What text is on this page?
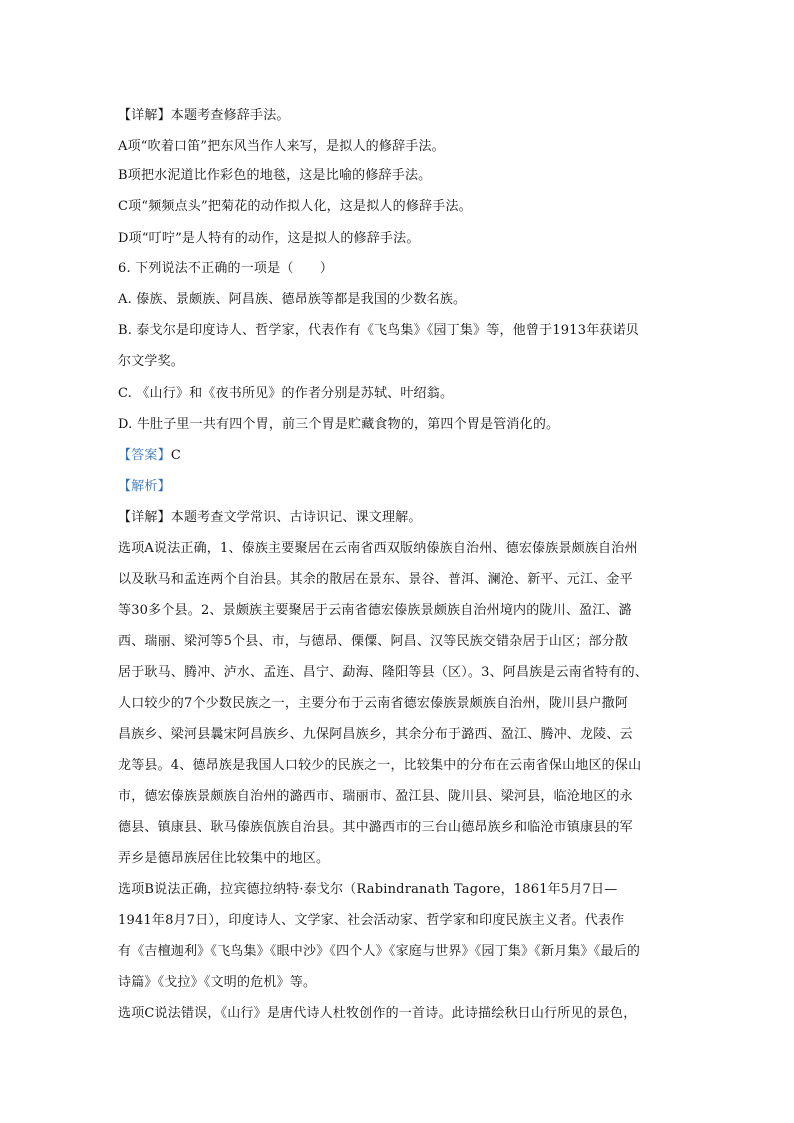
【详解】本题考查修辞手法。
A项“吹着口笛”把东风当作人来写，是拟人的修辞手法。
B项把水泥道比作彩色的地毯，这是比喻的修辞手法。
C项“频频点头”把菊花的动作拟人化，这是拟人的修辞手法。
D项“叮咛”是人特有的动作，这是拟人的修辞手法。
6. 下列说法不正确的一项是（　　）
A. 傣族、景颇族、阿昌族、德昂族等都是我国的少数名族。
B. 泰戈尔是印度诗人、哲学家，代表作有《飞鸟集》《园丁集》等，他曾于1913年获诺贝
尔文学奖。
C. 《山行》和《夜书所见》的作者分别是苏轼、叶绍翁。
D. 牛肚子里一共有四个胃，前三个胃是贮藏食物的，第四个胃是管消化的。
【答案】C
【解析】
【详解】本题考查文学常识、古诗识记、课文理解。
选项A说法正确，1、傣族主要聚居在云南省西双版纳傣族自治州、德宏傣族景颇族自治州
以及耿马和孟连两个自治县。其余的散居在景东、景谷、普洱、澜沧、新平、元江、金平
等30多个县。2、景颇族主要聚居于云南省德宏傣族景颇族自治州境内的陇川、盈江、潞
西、瑞丽、梁河等5个县、市，与德昂、傈僳、阿昌、汉等民族交错杂居于山区；部分散
居于耿马、腾冲、泸水、孟连、昌宁、勐海、隆阳等县（区）。3、阿昌族是云南省特有的、
人口较少的7个少数民族之一，主要分布于云南省德宏傣族景颇族自治州，陇川县户撒阿
昌族乡、梁河县曩宋阿昌族乡、九保阿昌族乡，其余分布于潞西、盈江、腾冲、龙陵、云
龙等县。4、德昂族是我国人口较少的民族之一，比较集中的分布在云南省保山地区的保山
市，德宏傣族景颇族自治州的潞西市、瑞丽市、盈江县、陇川县、梁河县，临沧地区的永
德县、镇康县、耿马傣族佤族自治县。其中潞西市的三台山德昂族乡和临沧市镇康县的军
弄乡是德昂族居住比较集中的地区。
选项B说法正确，拉宾德拉纳特·泰戈尔（Rabindranath Tagore，1861年5月7日—
1941年8月7日），印度诗人、文学家、社会活动家、哲学家和印度民族主义者。代表作
有《吉檀迦利》《飞鸟集》《眼中沙》《四个人》《家庭与世界》《园丁集》《新月集》《最后的
诗篇》《戈拉》《文明的危机》等。
选项C说法错误，《山行》是唐代诗人杜牧创作的一首诗。此诗描绘秋日山行所见的景色，
